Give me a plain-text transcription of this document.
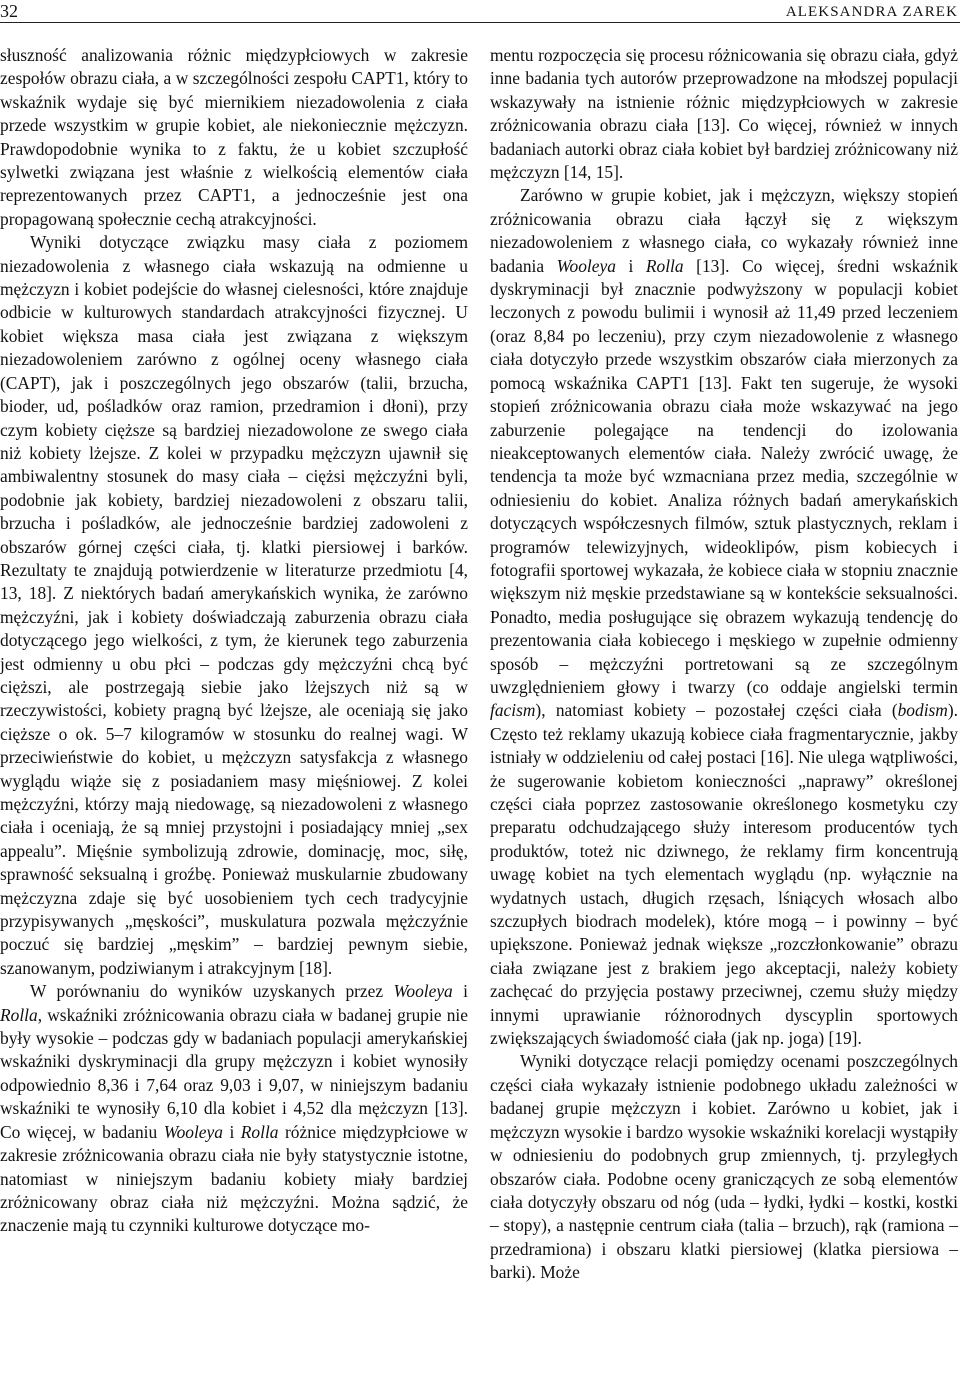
32	ALEKSANDRA ZAREK

słuszność analizowania różnic międzypłciowych w zakresie zespołów obrazu ciała, a w szczególności zespołu CAPT1, który to wskaźnik wydaje się być miernikiem niezadowolenia z ciała przede wszystkim w grupie kobiet, ale niekoniecznie mężczyzn. Prawdopodobnie wynika to z faktu, że u kobiet szczupłość sylwetki związana jest właśnie z wielkością elementów ciała reprezentowanych przez CAPT1, a jednocześnie jest ona propagowaną społecznie cechą atrakcyjności.

Wyniki dotyczące związku masy ciała z poziomem niezadowolenia z własnego ciała wskazują na odmienne u mężczyzn i kobiet podejście do własnej cielesności, które znajduje odbicie w kulturowych standardach atrakcyjności fizycznej. U kobiet większa masa ciała jest związana z większym niezadowoleniem zarówno z ogólnej oceny własnego ciała (CAPT), jak i poszczególnych jego obszarów (talii, brzucha, bioder, ud, pośladków oraz ramion, przedramion i dłoni), przy czym kobiety cięższe są bardziej niezadowolone ze swego ciała niż kobiety lżejsze. Z kolei w przypadku mężczyzn ujawnił się ambiwalentny stosunek do masy ciała – ciężsi mężczyźni byli, podobnie jak kobiety, bardziej niezadowoleni z obszaru talii, brzucha i pośladków, ale jednocześnie bardziej zadowoleni z obszarów górnej części ciała, tj. klatki piersiowej i barków. Rezultaty te znajdują potwierdzenie w literaturze przedmiotu [4, 13, 18]. Z niektórych badań amerykańskich wynika, że zarówno mężczyźni, jak i kobiety doświadczają zaburzenia obrazu ciała dotyczącego jego wielkości, z tym, że kierunek tego zaburzenia jest odmienny u obu płci – podczas gdy mężczyźni chcą być cięższi, ale postrzegają siebie jako lżejszych niż są w rzeczywistości, kobiety pragną być lżejsze, ale oceniają się jako cięższe o ok. 5–7 kilogramów w stosunku do realnej wagi. W przeciwieństwie do kobiet, u mężczyzn satysfakcja z własnego wyglądu wiąże się z posiadaniem masy mięśniowej. Z kolei mężczyźni, którzy mają niedowagę, są niezadowoleni z własnego ciała i oceniają, że są mniej przystojni i posiadający mniej „sex appealu”. Mięśnie symbolizują zdrowie, dominację, moc, siłę, sprawność seksualną i groźbę. Ponieważ muskularnie zbudowany mężczyzna zdaje się być uosobieniem tych cech tradycyjnie przypisywanych „męskości”, muskulatura pozwala mężczyźnie poczuć się bardziej „męskim” – bardziej pewnym siebie, szanowanym, podziwianym i atrakcyjnym [18].

W porównaniu do wyników uzyskanych przez Wooleya i Rolla, wskaźniki zróżnicowania obrazu ciała w badanej grupie nie były wysokie – podczas gdy w badaniach populacji amerykańskiej wskaźniki dyskryminacji dla grupy mężczyzn i kobiet wynosiły odpowiednio 8,36 i 7,64 oraz 9,03 i 9,07, w niniejszym badaniu wskaźniki te wynosiły 6,10 dla kobiet i 4,52 dla mężczyzn [13]. Co więcej, w badaniu Wooleya i Rolla różnice międzypłciowe w zakresie zróżnicowania obrazu ciała nie były statystycznie istotne, natomiast w niniejszym badaniu kobiety miały bardziej zróżnicowany obraz ciała niż mężczyźni. Można sądzić, że znaczenie mają tu czynniki kulturowe dotyczące mo-

mentu rozpoczęcia się procesu różnicowania się obrazu ciała, gdyż inne badania tych autorów przeprowadzone na młodszej populacji wskazywały na istnienie różnic międzypłciowych w zakresie zróżnicowania obrazu ciała [13]. Co więcej, również w innych badaniach autorki obraz ciała kobiet był bardziej zróżnicowany niż mężczyzn [14, 15].

Zarówno w grupie kobiet, jak i mężczyzn, większy stopień zróżnicowania obrazu ciała łączył się z większym niezadowoleniem z własnego ciała, co wykazały również inne badania Wooleya i Rolla [13]. Co więcej, średni wskaźnik dyskryminacji był znacznie podwyższony w populacji kobiet leczonych z powodu bulimii i wynosił aż 11,49 przed leczeniem (oraz 8,84 po leczeniu), przy czym niezadowolenie z własnego ciała dotyczyło przede wszystkim obszarów ciała mierzonych za pomocą wskaźnika CAPT1 [13]. Fakt ten sugeruje, że wysoki stopień zróżnicowania obrazu ciała może wskazywać na jego zaburzenie polegające na tendencji do izolowania nieakceptowanych elementów ciała. Należy zwrócić uwagę, że tendencja ta może być wzmacniana przez media, szczególnie w odniesieniu do kobiet. Analiza różnych badań amerykańskich dotyczących współczesnych filmów, sztuk plastycznych, reklam i programów telewizyjnych, wideoklipów, pism kobiecych i fotografii sportowej wykazała, że kobiece ciała w stopniu znacznie większym niż męskie przedstawiane są w kontekście seksualności. Ponadto, media posługujące się obrazem wykazują tendencję do prezentowania ciała kobiecego i męskiego w zupełnie odmienny sposób – mężczyźni portretowani są ze szczególnym uwzględnieniem głowy i twarzy (co oddaje angielski termin facism), natomiast kobiety – pozostałej części ciała (bodism). Często też reklamy ukazują kobiece ciała fragmentarycznie, jakby istniały w oddzieleniu od całej postaci [16]. Nie ulega wątpliwości, że sugerowanie kobietom konieczności „naprawy” określonej części ciała poprzez zastosowanie określonego kosmetyku czy preparatu odchudzającego służy interesom producentów tych produktów, toteż nic dziwnego, że reklamy firm koncentrują uwagę kobiet na tych elementach wyglądu (np. wyłącznie na wydatnych ustach, długich rzęsach, lśniących włosach albo szczupłych biodrach modelek), które mogą – i powinny – być upiększone. Ponieważ jednak większe „rozczłonkowanie” obrazu ciała związane jest z brakiem jego akceptacji, należy kobiety zachęcać do przyjęcia postawy przeciwnej, czemu służy między innymi uprawianie różnorodnych dyscyplin sportowych zwiększających świadomość ciała (jak np. joga) [19].

Wyniki dotyczące relacji pomiędzy ocenami poszczególnych części ciała wykazały istnienie podobnego układu zależności w badanej grupie mężczyzn i kobiet. Zarówno u kobiet, jak i mężczyzn wysokie i bardzo wysokie wskaźniki korelacji wystąpiły w odniesieniu do podobnych grup zmiennych, tj. przyległych obszarów ciała. Podobne oceny graniczących ze sobą elementów ciała dotyczyły obszaru od nóg (uda – łydki, łydki – kostki, kostki – stopy), a następnie centrum ciała (talia – brzuch), rąk (ramiona – przedramiona) i obszaru klatki piersiowej (klatka piersiowa – barki). Może
